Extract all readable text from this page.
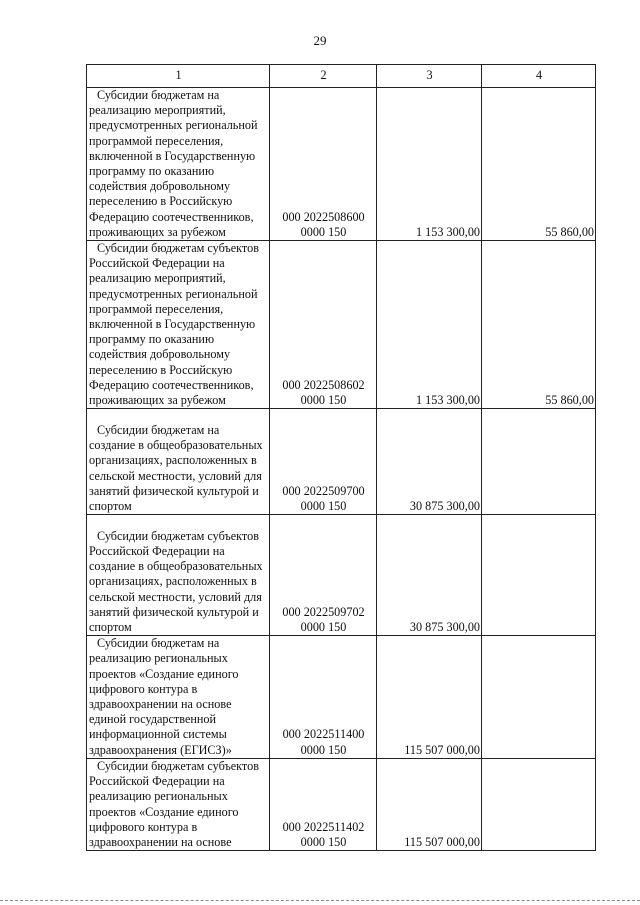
29
1	2	3	4
Субсидии бюджетам на реализацию мероприятий, предусмотренных региональной программой переселения, включенной в Государственную программу по оказанию содействия добровольному переселению в Российскую Федерацию соотечественников, проживающих за рубежом	000 2022508600 0000 150	1 153 300,00	55 860,00
Субсидии бюджетам субъектов Российской Федерации на реализацию мероприятий, предусмотренных региональной программой переселения, включенной в Государственную программу по оказанию содействия добровольному переселению в Российскую Федерацию соотечественников, проживающих за рубежом	000 2022508602 0000 150	1 153 300,00	55 860,00
Субсидии бюджетам на создание в общеобразовательных организациях, расположенных в сельской местности, условий для занятий физической культурой и спортом	000 2022509700 0000 150	30 875 300,00	
Субсидии бюджетам субъектов Российской Федерации на создание в общеобразовательных организациях, расположенных в сельской местности, условий для занятий физической культурой и спортом	000 2022509702 0000 150	30 875 300,00	
Субсидии бюджетам на реализацию региональных проектов «Создание единого цифрового контура в здравоохранении на основе единой государственной информационной системы здравоохранения (ЕГИСЗ)»	000 2022511400 0000 150	115 507 000,00	
Субсидии бюджетам субъектов Российской Федерации на реализацию региональных проектов «Создание единого цифрового контура в здравоохранении на основе	000 2022511402 0000 150	115 507 000,00	
